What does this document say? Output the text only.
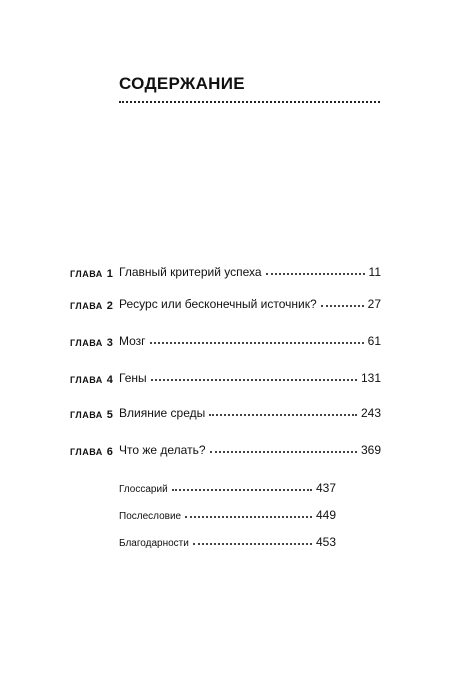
СОДЕРЖАНИЕ
ГЛАВА 1 Главный критерий успеха	11
ГЛАВА 2 Ресурс или бесконечный источник?	27
ГЛАВА 3 Мозг	61
ГЛАВА 4 Гены	131
ГЛАВА 5 Влияние среды	243
ГЛАВА 6 Что же делать?	369
Глоссарий	437
Послесловие	449
Благодарности	453
